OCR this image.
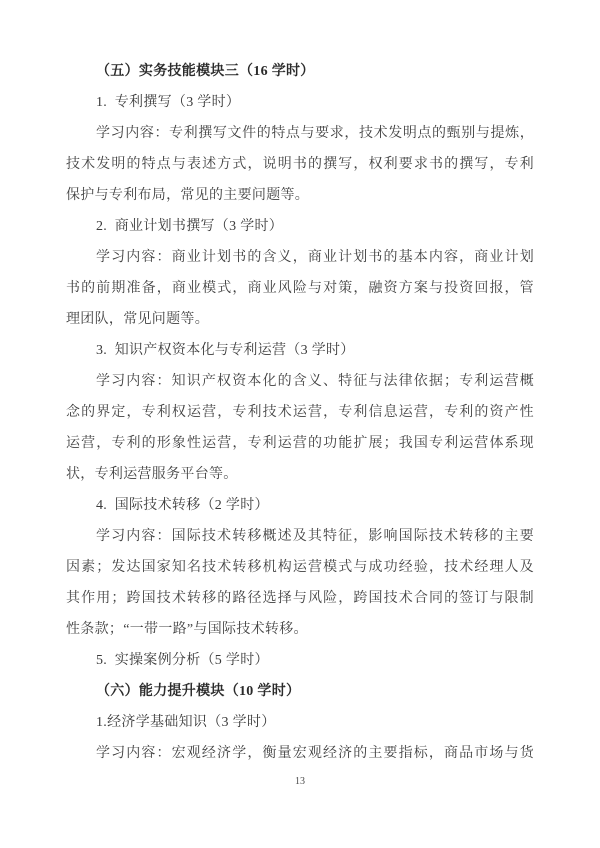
（五）实务技能模块三（16 学时）
1.  专利撰写（3 学时）
学习内容：专利撰写文件的特点与要求，技术发明点的甄别与提炼，
技术发明的特点与表述方式，说明书的撰写，权利要求书的撰写，专利
保护与专利布局，常见的主要问题等。
2.  商业计划书撰写（3 学时）
学习内容：商业计划书的含义，商业计划书的基本内容，商业计划
书的前期准备，商业模式，商业风险与对策，融资方案与投资回报，管
理团队，常见问题等。
3.  知识产权资本化与专利运营（3 学时）
学习内容：知识产权资本化的含义、特征与法律依据；专利运营概
念的界定，专利权运营，专利技术运营，专利信息运营，专利的资产性
运营，专利的形象性运营，专利运营的功能扩展；我国专利运营体系现
状，专利运营服务平台等。
4.  国际技术转移（2 学时）
学习内容：国际技术转移概述及其特征，影响国际技术转移的主要
因素；发达国家知名技术转移机构运营模式与成功经验，技术经理人及
其作用；跨国技术转移的路径选择与风险，跨国技术合同的签订与限制
性条款；“一带一路”与国际技术转移。
5.  实操案例分析（5 学时）
（六）能力提升模块（10 学时）
1.经济学基础知识（3 学时）
学习内容：宏观经济学，衡量宏观经济的主要指标，商品市场与货
13
